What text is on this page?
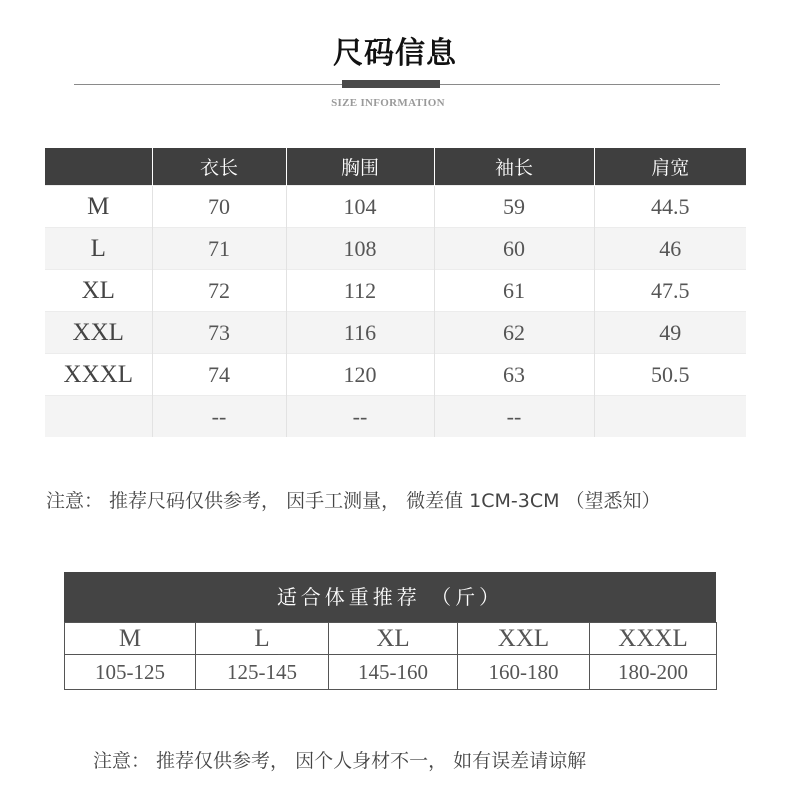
尺码信息
SIZE INFORMATION
	衣长	胸围	袖长	肩宽
M	70	104	59	44.5
L	71	108	60	46
XL	72	112	61	47.5
XXL	73	116	62	49
XXXL	74	120	63	50.5
	--	--	--	
注意： 推荐尺码仅供参考， 因手工测量， 微差值 1CM-3CM （望悉知）
适合体重推荐 （斤）
M	L	XL	XXL	XXXL
105-125	125-145	145-160	160-180	180-200
注意： 推荐仅供参考， 因个人身材不一， 如有误差请谅解
